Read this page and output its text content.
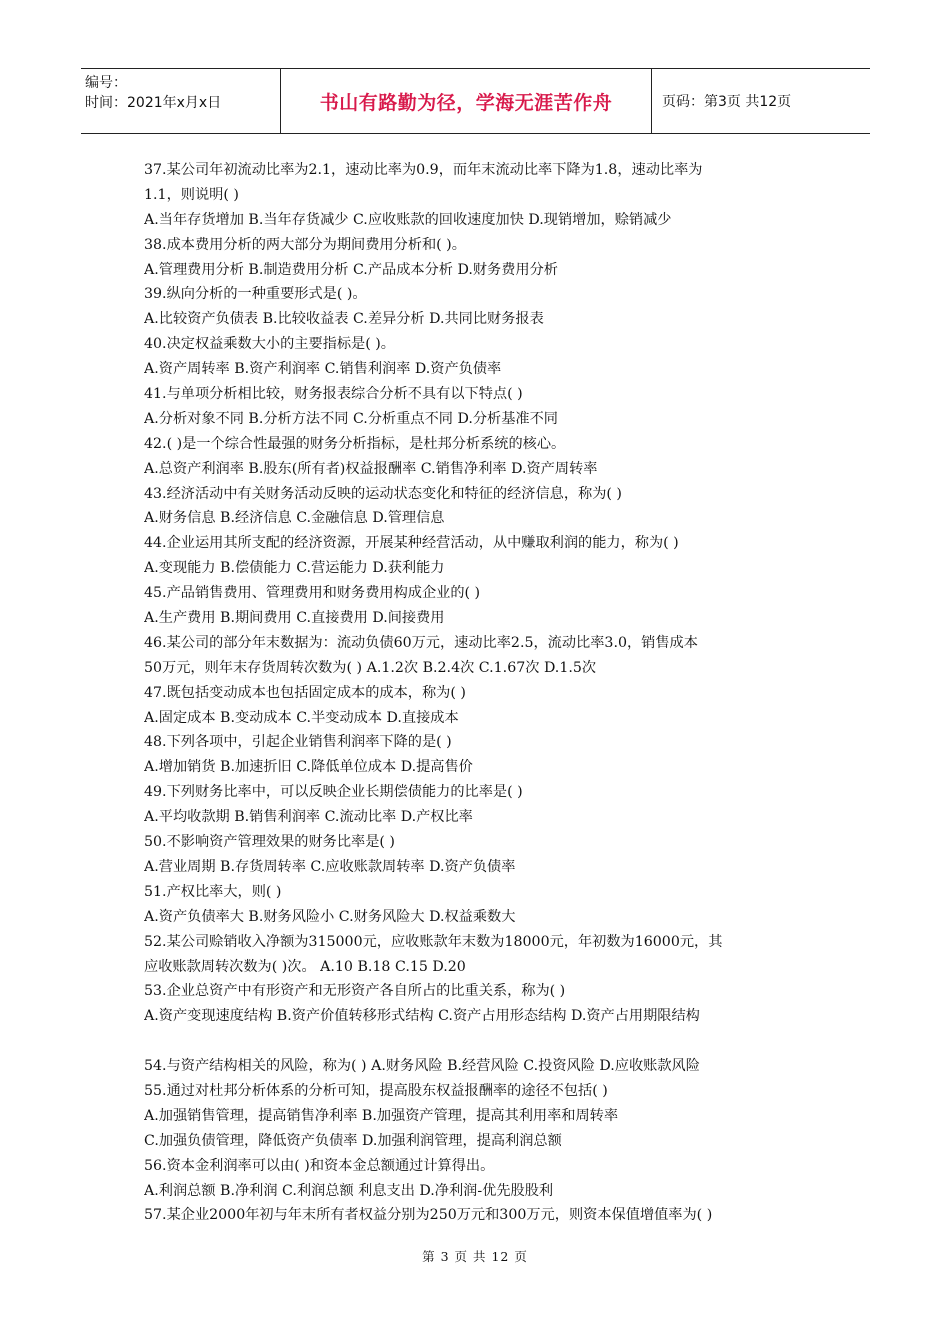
编号：
时间：2021年x月x日	书山有路勤为径，学海无涯苦作舟	页码：第3页 共12页
37.某公司年初流动比率为2.1，速动比率为0.9，而年末流动比率下降为1.8，速动比率为
1.1，则说明( )
A.当年存货增加 B.当年存货减少 C.应收账款的回收速度加快 D.现销增加，赊销减少
38.成本费用分析的两大部分为期间费用分析和( )。
A.管理费用分析 B.制造费用分析 C.产品成本分析 D.财务费用分析
39.纵向分析的一种重要形式是( )。
A.比较资产负债表 B.比较收益表 C.差异分析 D.共同比财务报表
40.决定权益乘数大小的主要指标是( )。
A.资产周转率 B.资产利润率 C.销售利润率 D.资产负债率
41.与单项分析相比较，财务报表综合分析不具有以下特点( )
A.分析对象不同 B.分析方法不同 C.分析重点不同 D.分析基准不同
42.( )是一个综合性最强的财务分析指标，是杜邦分析系统的核心。
A.总资产利润率 B.股东(所有者)权益报酬率 C.销售净利率 D.资产周转率
43.经济活动中有关财务活动反映的运动状态变化和特征的经济信息，称为( )
A.财务信息 B.经济信息 C.金融信息 D.管理信息
44.企业运用其所支配的经济资源，开展某种经营活动，从中赚取利润的能力，称为( )
A.变现能力 B.偿债能力 C.营运能力 D.获利能力
45.产品销售费用、管理费用和财务费用构成企业的( )
A.生产费用 B.期间费用 C.直接费用 D.间接费用
46.某公司的部分年末数据为：流动负债60万元，速动比率2.5，流动比率3.0，销售成本
50万元，则年末存货周转次数为( ) A.1.2次 B.2.4次 C.1.67次 D.1.5次
47.既包括变动成本也包括固定成本的成本，称为( )
A.固定成本 B.变动成本 C.半变动成本 D.直接成本
48.下列各项中，引起企业销售利润率下降的是( )
A.增加销货 B.加速折旧 C.降低单位成本 D.提高售价
49.下列财务比率中，可以反映企业长期偿债能力的比率是( )
A.平均收款期 B.销售利润率 C.流动比率 D.产权比率
50.不影响资产管理效果的财务比率是( )
A.营业周期 B.存货周转率 C.应收账款周转率 D.资产负债率
51.产权比率大，则( )
A.资产负债率大 B.财务风险小 C.财务风险大 D.权益乘数大
52.某公司赊销收入净额为315000元，应收账款年末数为18000元，年初数为16000元，其
应收账款周转次数为( )次。 A.10 B.18 C.15 D.20
53.企业总资产中有形资产和无形资产各自所占的比重关系，称为( )
A.资产变现速度结构 B.资产价值转移形式结构 C.资产占用形态结构 D.资产占用期限结构
54.与资产结构相关的风险，称为( ) A.财务风险 B.经营风险 C.投资风险 D.应收账款风险
55.通过对杜邦分析体系的分析可知，提高股东权益报酬率的途径不包括( )
A.加强销售管理，提高销售净利率 B.加强资产管理，提高其利用率和周转率
C.加强负债管理，降低资产负债率 D.加强利润管理，提高利润总额
56.资本金利润率可以由( )和资本金总额通过计算得出。
A.利润总额 B.净利润 C.利润总额 利息支出 D.净利润-优先股股利
57.某企业2000年初与年末所有者权益分别为250万元和300万元，则资本保值增值率为( )
第 3 页 共 12 页
